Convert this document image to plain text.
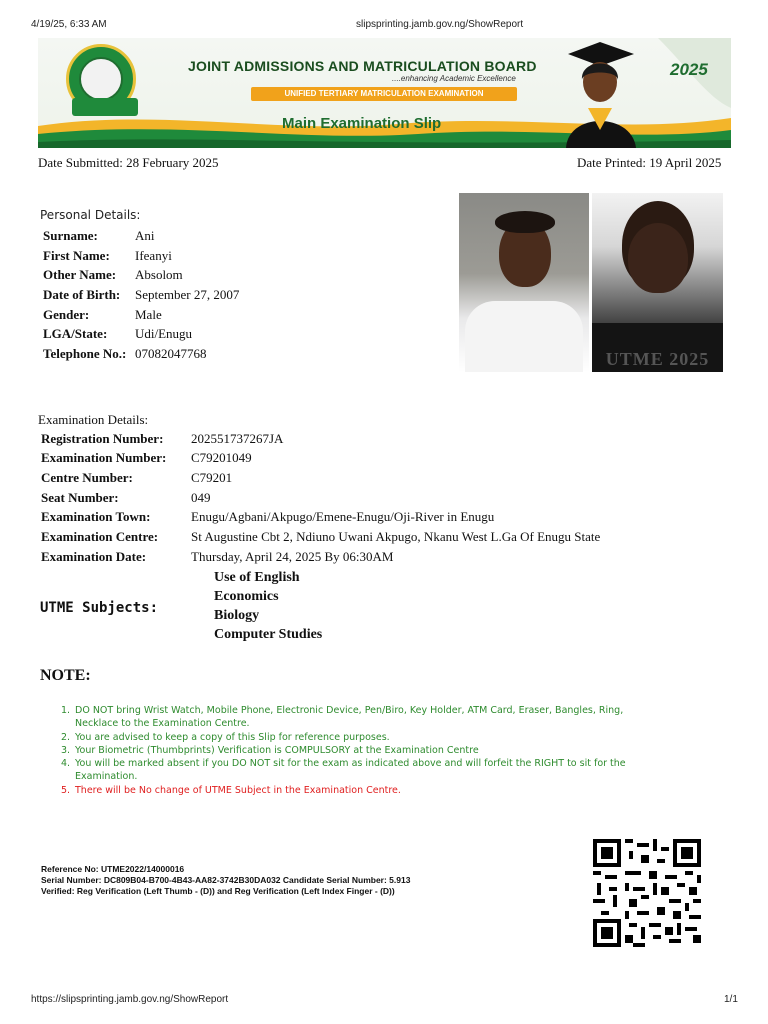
4/19/25, 6:33 AM	slipsprinting.jamb.gov.ng/ShowReport
JOINT ADMISSIONS AND MATRICULATION BOARD
....enhancing Academic Excellence
UNIFIED TERTIARY MATRICULATION EXAMINATION
Main Examination Slip
2025
Date Submitted: 28 February 2025	Date Printed: 19 April 2025
Personal Details:
Surname:	Ani
First Name: Ifeanyi
Other Name: Absolom
Date of Birth: September 27, 2007
Gender:	Male
LGA/State: Udi/Enugu
Telephone No.: 07082047768	UTME 2025
Examination Details:
Registration Number: 202551737267JA
Examination Number: C79201049
Centre Number:	C79201
Seat Number:	049
Examination Town:	Enugu/Agbani/Akpugo/Emene-Enugu/Oji-River in Enugu
Examination Centre:	St Augustine Cbt 2, Ndiuno Uwani Akpugo, Nkanu West L.Ga Of Enugu State
Examination Date:	Thursday, April 24, 2025 By 06:30AM
UTME Subjects:
Use of English
Economics
Biology
Computer Studies
NOTE:
1. DO NOT bring Wrist Watch, Mobile Phone, Electronic Device, Pen/Biro, Key Holder, ATM Card, Eraser, Bangles, Ring,
Necklace to the Examination Centre.
2. You are advised to keep a copy of this Slip for reference purposes.
3. Your Biometric (Thumbprints) Verification is COMPULSORY at the Examination Centre
4. You will be marked absent if you DO NOT sit for the exam as indicated above and will forfeit the RIGHT to sit for the
Examination.
5. There will be No change of UTME Subject in the Examination Centre.
Reference No: UTME2022/14000016
Serial Number: DC809B04-B700-4B43-AA82-3742B30DA032 Candidate Serial Number: 5.913
Verified: Reg Verification (Left Thumb - (D)) and Reg Verification (Left Index Finger - (D))
https://slipsprinting.jamb.gov.ng/ShowReport	1/1
